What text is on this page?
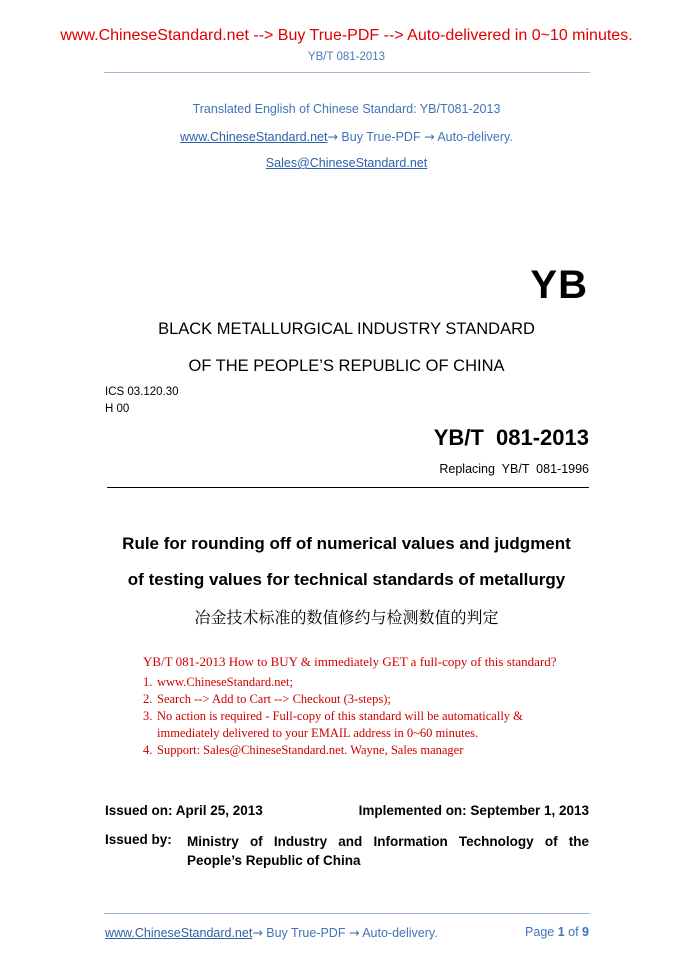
www.ChineseStandard.net --> Buy True-PDF --> Auto-delivered in 0~10 minutes.
YB/T 081-2013
Translated English of Chinese Standard: YB/T081-2013
www.ChineseStandard.net→ Buy True-PDF → Auto-delivery.
Sales@ChineseStandard.net
YB
BLACK METALLURGICAL INDUSTRY STANDARD
OF THE PEOPLE’S REPUBLIC OF CHINA
ICS 03.120.30
H 00
YB/T  081-2013
Replacing  YB/T  081-1996
Rule for rounding off of numerical values and judgment
of testing values for technical standards of metallurgy
冶金技术标准的数值修约与检测数值的判定
YB/T 081-2013 How to BUY & immediately GET a full-copy of this standard?
1. www.ChineseStandard.net;
2. Search --> Add to Cart --> Checkout (3-steps);
3. No action is required - Full-copy of this standard will be automatically & immediately delivered to your EMAIL address in 0~60 minutes.
4. Support: Sales@ChineseStandard.net. Wayne, Sales manager
Issued on: April 25, 2013	Implemented on: September 1, 2013
Issued by: Ministry of Industry and Information Technology of the People’s Republic of China
www.ChineseStandard.net→ Buy True-PDF → Auto-delivery.	Page 1 of 9
